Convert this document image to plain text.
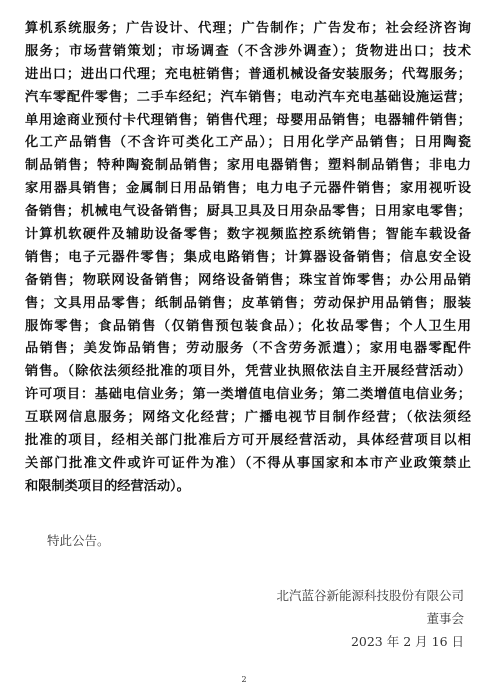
算机系统服务；广告设计、代理；广告制作；广告发布；社会经济咨询
服务；市场营销策划；市场调查（不含涉外调查）；货物进出口；技术
进出口；进出口代理；充电桩销售；普通机械设备安装服务；代驾服务；
汽车零配件零售；二手车经纪；汽车销售；电动汽车充电基础设施运营；
单用途商业预付卡代理销售；销售代理；母婴用品销售；电器辅件销售；
化工产品销售（不含许可类化工产品）；日用化学产品销售；日用陶瓷
制品销售；特种陶瓷制品销售；家用电器销售；塑料制品销售；非电力
家用器具销售；金属制日用品销售；电力电子元器件销售；家用视听设
备销售；机械电气设备销售；厨具卫具及日用杂品零售；日用家电零售；
计算机软硬件及辅助设备零售；数字视频监控系统销售；智能车载设备
销售；电子元器件零售；集成电路销售；计算器设备销售；信息安全设
备销售；物联网设备销售；网络设备销售；珠宝首饰零售；办公用品销
售；文具用品零售；纸制品销售；皮革销售；劳动保护用品销售；服装
服饰零售；食品销售（仅销售预包装食品）；化妆品零售；个人卫生用
品销售；美发饰品销售；劳动服务（不含劳务派遣）；家用电器零配件
销售。（除依法须经批准的项目外，凭营业执照依法自主开展经营活动）
许可项目：基础电信业务；第一类增值电信业务；第二类增值电信业务；
互联网信息服务；网络文化经营；广播电视节目制作经营；（依法须经
批准的项目，经相关部门批准后方可开展经营活动，具体经营项目以相
关部门批准文件或许可证件为准）（不得从事国家和本市产业政策禁止
和限制类项目的经营活动）。
特此公告。
北汽蓝谷新能源科技股份有限公司
董事会
2023 年 2 月 16 日
2
